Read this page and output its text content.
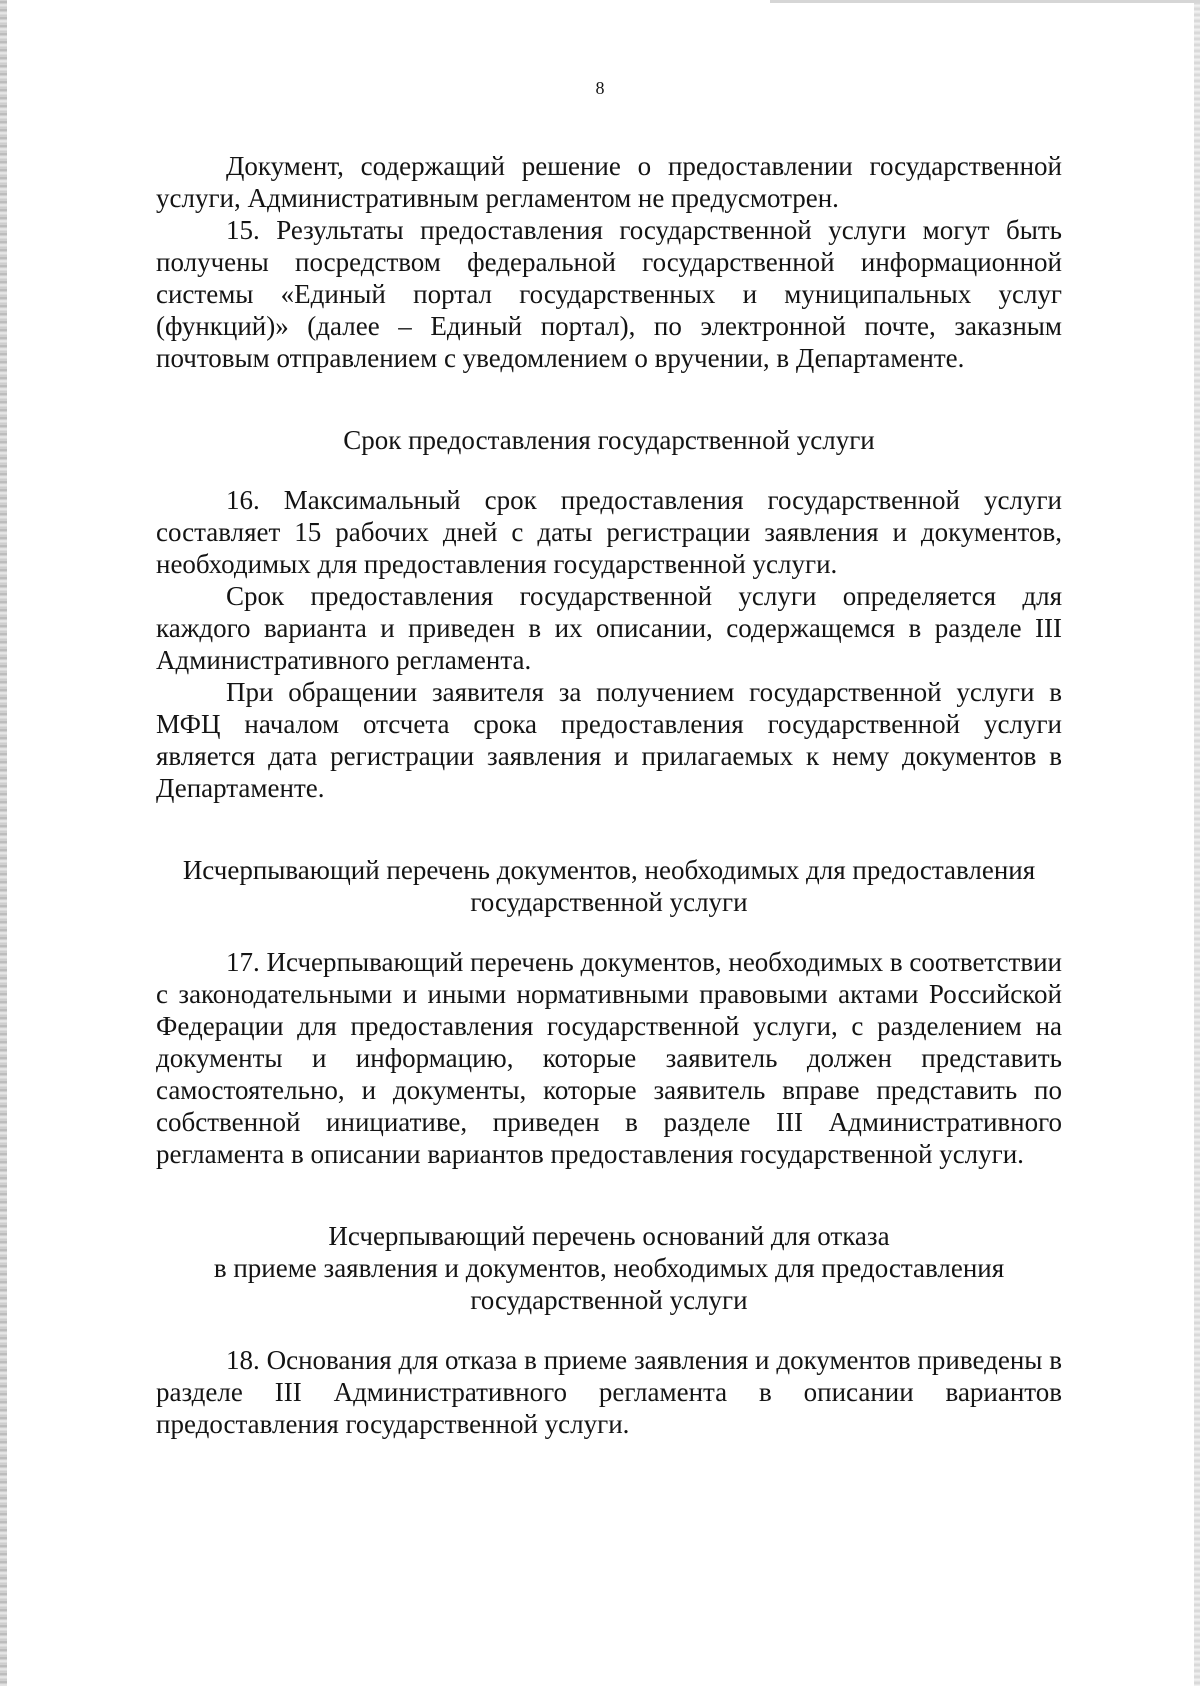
8

Документ, содержащий решение о предоставлении государственной услуги, Административным регламентом не предусмотрен.

15. Результаты предоставления государственной услуги могут быть получены посредством федеральной государственной информационной системы «Единый портал государственных и муниципальных услуг (функций)» (далее – Единый портал), по электронной почте, заказным почтовым отправлением с уведомлением о вручении, в Департаменте.

Срок предоставления государственной услуги

16. Максимальный срок предоставления государственной услуги составляет 15 рабочих дней с даты регистрации заявления и документов, необходимых для предоставления государственной услуги.

Срок предоставления государственной услуги определяется для каждого варианта и приведен в их описании, содержащемся в разделе III Административного регламента.

При обращении заявителя за получением государственной услуги в МФЦ началом отсчета срока предоставления государственной услуги является дата регистрации заявления и прилагаемых к нему документов в Департаменте.

Исчерпывающий перечень документов, необходимых для предоставления
государственной услуги

17. Исчерпывающий перечень документов, необходимых в соответствии с законодательными и иными нормативными правовыми актами Российской Федерации для предоставления государственной услуги, с разделением на документы и информацию, которые заявитель должен представить самостоятельно, и документы, которые заявитель вправе представить по собственной инициативе, приведен в разделе III Административного регламента в описании вариантов предоставления государственной услуги.

Исчерпывающий перечень оснований для отказа
в приеме заявления и документов, необходимых для предоставления
государственной услуги

18. Основания для отказа в приеме заявления и документов приведены в разделе III Административного регламента в описании вариантов предоставления государственной услуги.
